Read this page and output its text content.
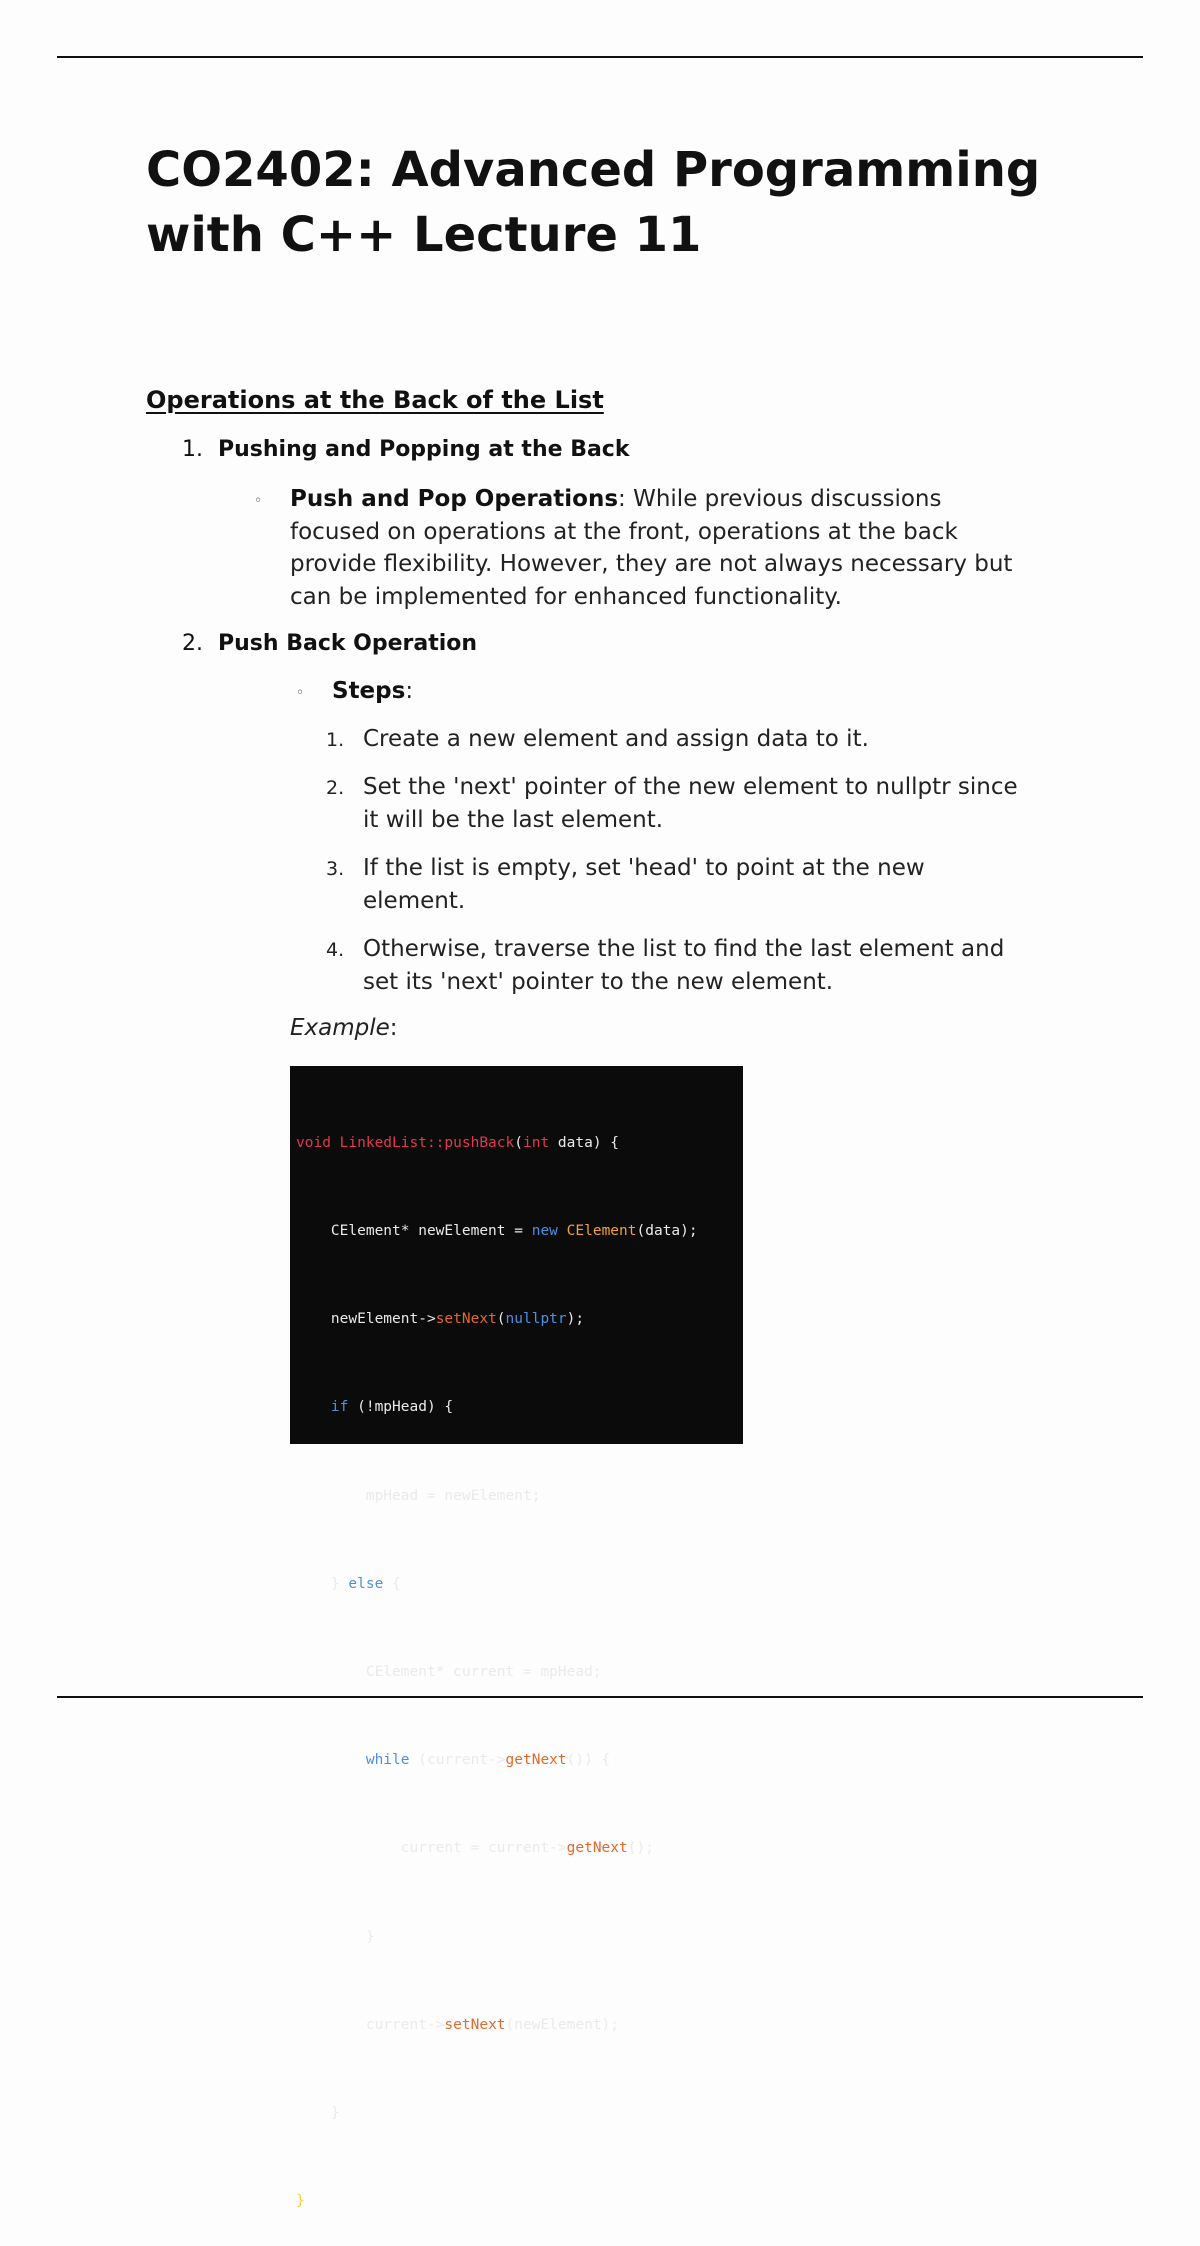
CO2402: Advanced Programming with C++ Lecture 11
Operations at the Back of the List
1. Pushing and Popping at the Back
◦ Push and Pop Operations: While previous discussions
focused on operations at the front, operations at the back
provide flexibility. However, they are not always necessary but
can be implemented for enhanced functionality.
2. Push Back Operation
◦ Steps:
1. Create a new element and assign data to it.
2. Set the 'next' pointer of the new element to nullptr since
it will be the last element.
3. If the list is empty, set 'head' to point at the new
element.
4. Otherwise, traverse the list to find the last element and
set its 'next' pointer to the new element.
Example:

void LinkedList::pushBack(int data) {

CElement* newElement = new CElement(data);

newElement->setNext(nullptr);

if (!mpHead) {

mpHead = newElement;

} else {

CElement* current = mpHead;

while (current->getNext()) {

current = current->getNext();

}

current->setNext(newElement);

}

}
